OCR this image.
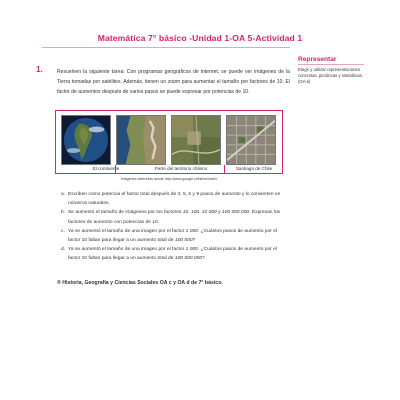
Matemática 7° básico -Unidad 1-OA 5-Actividad 1
Representar
Elegir y utilizar representaciones concretas, pictóricas y simbólicas. (OA k)
1.	Resuelven la siguiente tarea: Con programas geográficos de internet, se puede ver imágenes de la Tierra tomadas por satélites. Además, tienen un zoom para aumentar el tamaño por factores de 10. El factor de aumentos después de varios pasos se puede expresar por potencias de 10.
El continente	Parte del territorio chileno	Santiago de Chile
Imágenes obtenidas desde http://www.google.cl/intl/es/earth/
a. Escriben como potencia el factor total después de 3, 5, 6 y 9 pasos de aumento y lo convierten en números naturales.
b. Se aumentó el tamaño de imágenes por los factores 10, 100, 10 000 y 100 000 000. Expresan los factores de aumento con potencias de 10.
c. Ya se aumentó el tamaño de una imagen por el factor 1 000. ¿Cuántos pasos de aumento por el factor 10 faltan para llegar a un aumento total de 100 000?
d. Ya se aumentó el tamaño de una imagen por el factor 1 000. ¿Cuántos pasos de aumento por el factor 10 faltan para llegar a un aumento total de 100 000 000?
® Historia, Geografía y Ciencias Sociales OA c y OA d de 7° básico.
